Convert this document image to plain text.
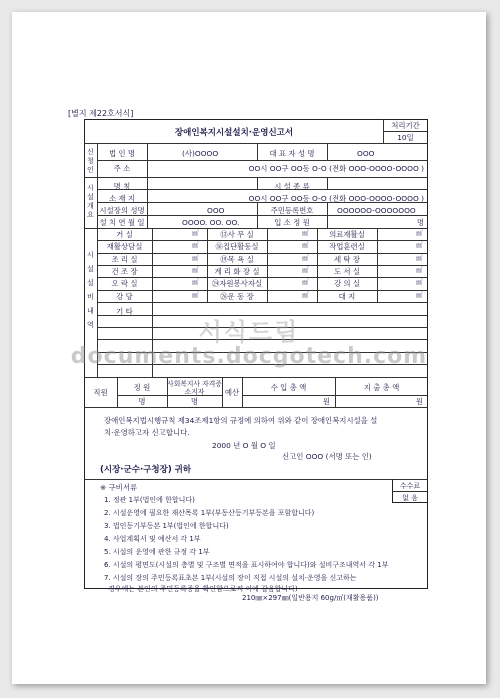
[별지 제22호서식]
장애인복지시설설치·운영신고서
처리기간
10일
신청인
법 인 명	(사)OOOO	대 표 자 성 명	OOO
주 소	OO시 OO구 OO동 O-O (전화 OOO-OOOO-OOOO )
시설개요
명 칭	시 설 종 류
소 재 지	OO시 OO구 OO동 O-O (전화 OOO-OOOO-OOOO )
시설장의 성명	OOO	주민등록번호	OOOOOO-OOOOOOO
설 치 연 월 일	OOOO. OO. OO.	입 소 정 원	명
시설설비내역
거 실	㎡	⑬사 무 실	㎡	의료재활실	㎡
재활상담실	㎡	⑯집단활동실	㎡	작업훈련실	㎡
조 리 실	㎡	⑲목 욕 실	㎡	세 탁 장	㎡
건 조 장	㎡	계 리 화 장 실	㎡	도 서 실	㎡
오 락 실	㎡	㉔자원봉사자실	㎡	강 의 실	㎡
강 당	㎡	㉖운 동 장	㎡	대 지	㎡
기 타
직원
정 원	사회복지사 자격증소지자	예산
수 입 총 액	지 출 총 액
명	명	원	원
장애인복지법시행규칙 제34조제1항의 규정에 의하여 위와 같이 장애인복지시설을 설
치·운영하고자 신고합니다.
2000 년 O 월 O 일
신고인 OOO (서명 또는 인)
(시장·군수·구청장) 귀하
※ 구비서류	수수료
없 음
1. 정관 1부(법인에 한합니다)
2. 시설운영에 필요한 재산목록 1부(부동산등기부등본을 포함합니다)
3. 법인등기부등본 1부(법인에 한합니다)
4. 사업계획서 및 예산서 각 1부
5. 시설의 운영에 관한 규정 각 1부
6. 시설의 평면도(시설의 층별 및 구조별 면적을 표시하여야 합니다)와 설비구조내역서 각 1부
7. 시설의 장의 주민등록표초본 1부(시설의 장이 직접 시설의 설치·운영을 신고하는
경우에는 본인의 주민등록증을 확인함으로써 이에 갈음합니다)
210㎜×297㎜(일반용지 60g/㎡(재활용품))
서식드림
documents.docgotech.com
